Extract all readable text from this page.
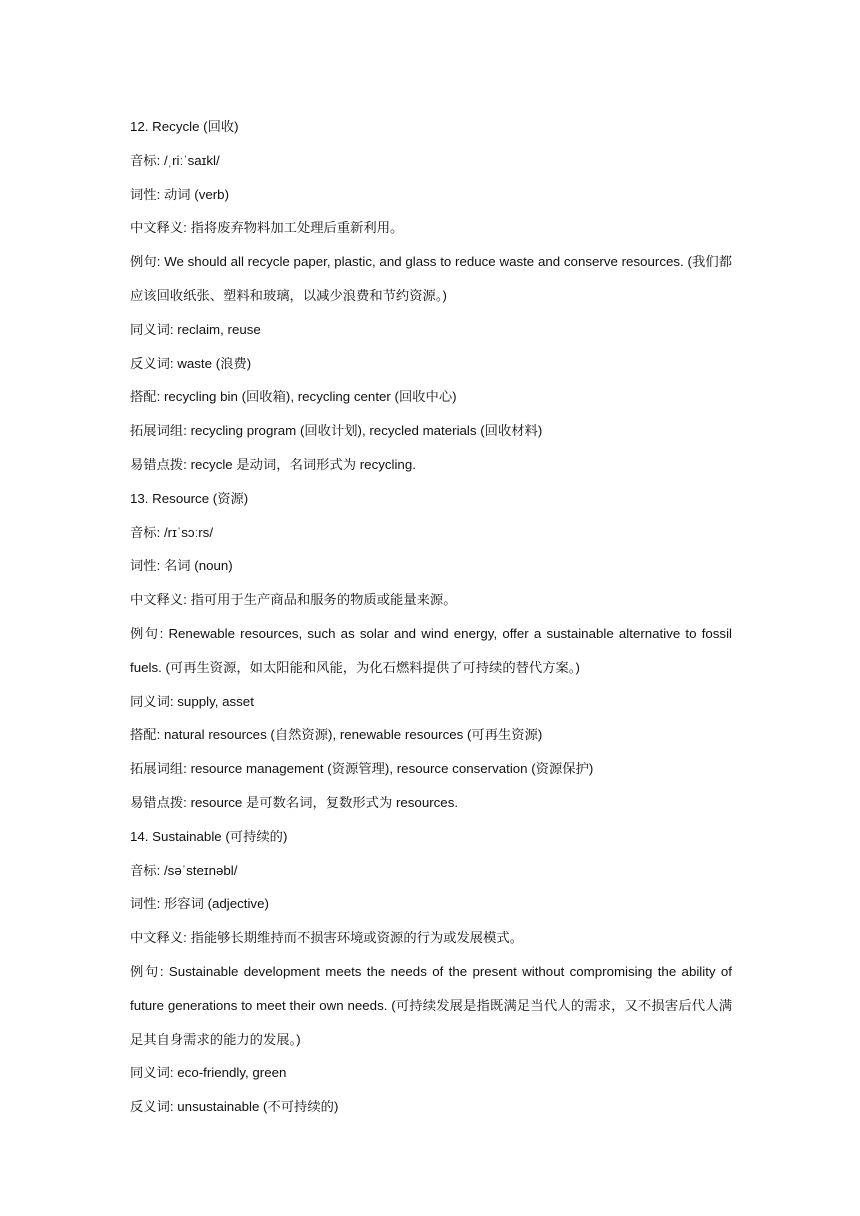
12. Recycle (回收)
音标: /ˌriːˈsaɪkl/
词性: 动词 (verb)
中文释义: 指将废弃物料加工处理后重新利用。
例句: We should all recycle paper, plastic, and glass to reduce waste and conserve resources. (我们都应该回收纸张、塑料和玻璃，以减少浪费和节约资源。)
同义词: reclaim, reuse
反义词: waste (浪费)
搭配: recycling bin (回收箱), recycling center (回收中心)
拓展词组: recycling program (回收计划), recycled materials (回收材料)
易错点拨: recycle 是动词，名词形式为 recycling.
13. Resource (资源)
音标: /rɪˈsɔːrs/
词性: 名词 (noun)
中文释义: 指可用于生产商品和服务的物质或能量来源。
例句: Renewable resources, such as solar and wind energy, offer a sustainable alternative to fossil fuels. (可再生资源，如太阳能和风能，为化石燃料提供了可持续的替代方案。)
同义词: supply, asset
搭配: natural resources (自然资源), renewable resources (可再生资源)
拓展词组: resource management (资源管理), resource conservation (资源保护)
易错点拨: resource 是可数名词，复数形式为 resources.
14. Sustainable (可持续的)
音标: /səˈsteɪnəbl/
词性: 形容词 (adjective)
中文释义: 指能够长期维持而不损害环境或资源的行为或发展模式。
例句: Sustainable development meets the needs of the present without compromising the ability of future generations to meet their own needs. (可持续发展是指既满足当代人的需求，又不损害后代人满足其自身需求的能力的发展。)
同义词: eco-friendly, green
反义词: unsustainable (不可持续的)
